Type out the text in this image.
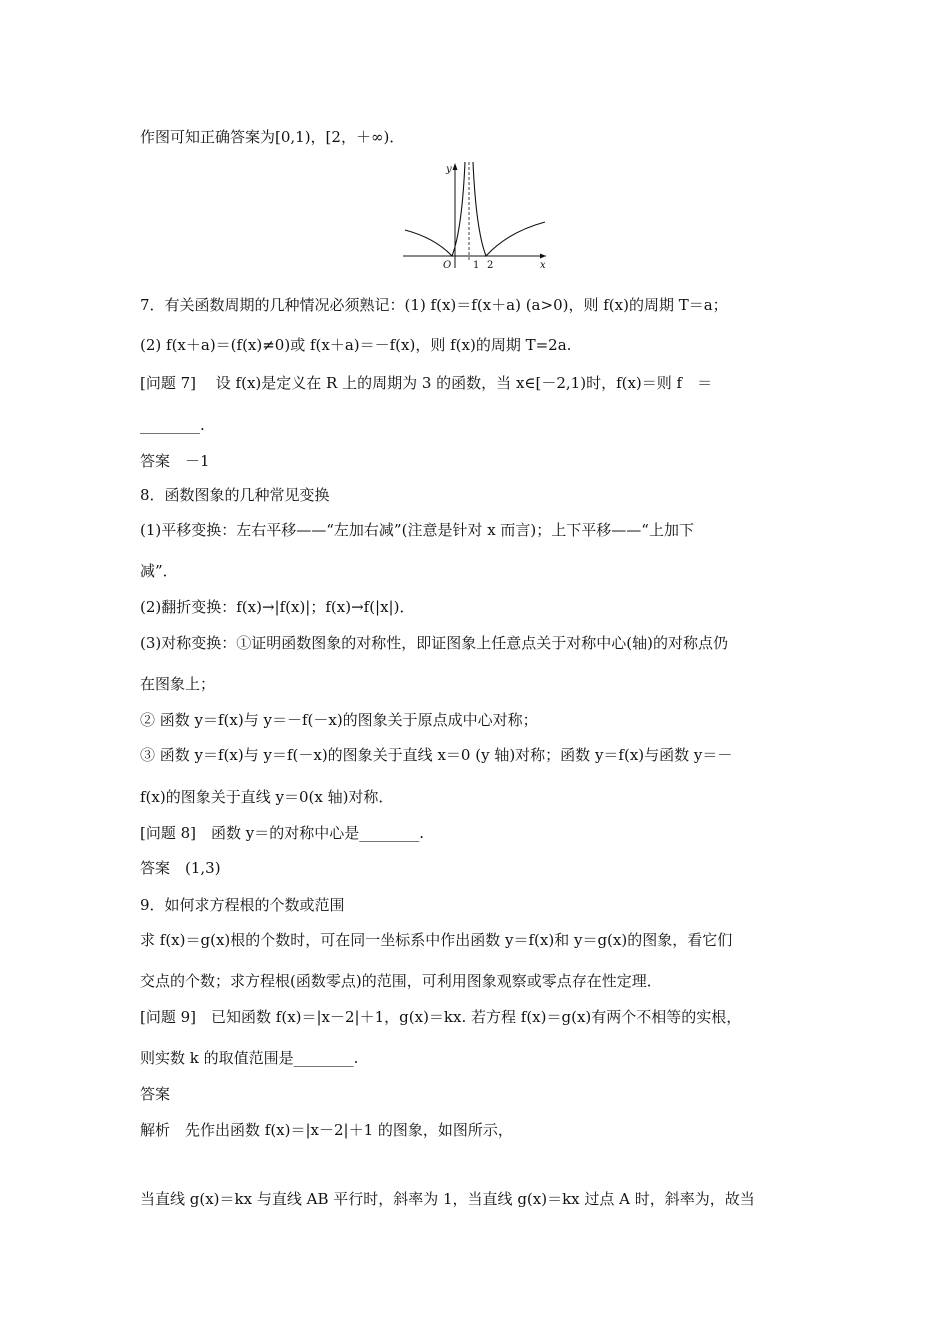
作图可知正确答案为[0,1)，[2，＋∞)．
y
x
O 1 2
7．有关函数周期的几种情况必须熟记：(1) f(x)＝f(x＋a) (a>0)，则 f(x)的周期 T＝a；
(2) f(x＋a)＝(f(x)≠0)或 f(x＋a)＝－f(x)，则 f(x)的周期 T=2a.
[问题 7]　 设 f(x)是定义在 R 上的周期为 3 的函数，当 x∈[－2,1)时，f(x)＝则 f　＝
________.
答案　－1
8．函数图象的几种常见变换
(1)平移变换：左右平移——“左加右减”(注意是针对 x 而言)；上下平移——“上加下
减”．
(2)翻折变换：f(x)→|f(x)|；f(x)→f(|x|)．
(3)对称变换：①证明函数图象的对称性，即证图象上任意点关于对称中心(轴)的对称点仍
在图象上；
② 函数 y＝f(x)与 y＝－f(－x)的图象关于原点成中心对称；
③ 函数 y＝f(x)与 y＝f(－x)的图象关于直线 x＝0 (y 轴)对称；函数 y＝f(x)与函数 y＝－
f(x)的图象关于直线 y＝0(x 轴)对称．
[问题 8]　函数 y＝的对称中心是________.
答案　(1,3)
9．如何求方程根的个数或范围
求 f(x)＝g(x)根的个数时，可在同一坐标系中作出函数 y＝f(x)和 y＝g(x)的图象，看它们
交点的个数；求方程根(函数零点)的范围，可利用图象观察或零点存在性定理．
[问题 9]　已知函数 f(x)＝|x－2|＋1，g(x)＝kx. 若方程 f(x)＝g(x)有两个不相等的实根，
则实数 k 的取值范围是________.
答案
解析　先作出函数 f(x)＝|x－2|＋1 的图象，如图所示，
当直线 g(x)＝kx 与直线 AB 平行时，斜率为 1，当直线 g(x)＝kx 过点 A 时，斜率为，故当
